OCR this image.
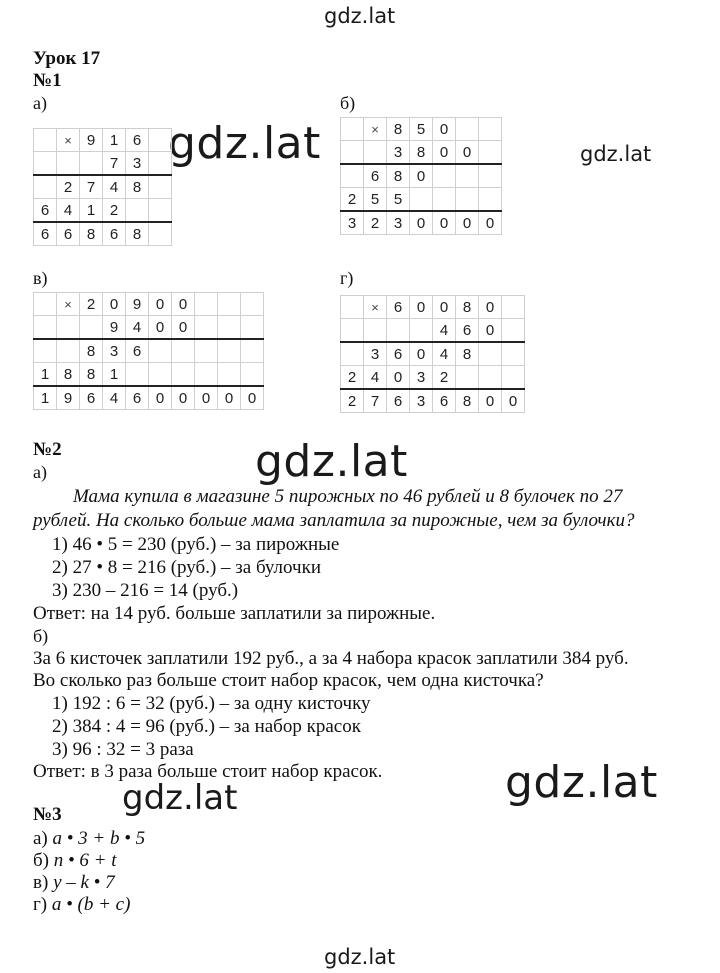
gdz.lat
gdz.lat	gdz.lat
gdz.lat
gdz.lat
gdz.lat
gdz.lat
Урок 17
№1
а)	б)
в)	г)
	×	9	1	6	
			7	3	
	2	7	4	8	
6	4	1	2		
6	6	8	6	8	
	×	8	5	0		
		3	8	0	0	
	6	8	0			
2	5	5				
3	2	3	0	0	0	0
	×	2	0	9	0	0			
			9	4	0	0			
		8	3	6					
1	8	8	1						
1	9	6	4	6	0	0	0	0	0
	×	6	0	0	8	0	
				4	6	0	
	3	6	0	4	8		
2	4	0	3	2			
2	7	6	3	6	8	0	0
№2
а)
Мама купила в магазине 5 пирожных по 46 рублей и 8 булочек по 27
рублей. На сколько больше мама заплатила за пирожные, чем за булочки?
1) 46 • 5 = 230 (руб.) – за пирожные
2) 27 • 8 = 216 (руб.) – за булочки
3) 230 – 216 = 14 (руб.)
Ответ: на 14 руб. больше заплатили за пирожные.
б)
За 6 кисточек заплатили 192 руб., а за 4 набора красок заплатили 384 руб.
Во сколько раз больше стоит набор красок, чем одна кисточка?
1) 192 : 6 = 32 (руб.) – за одну кисточку
2) 384 : 4 = 96 (руб.) – за набор красок
3) 96 : 32 = 3 раза
Ответ: в 3 раза больше стоит набор красок.
№3
а) a • 3 + b • 5
б) n • 6 + t
в) y – k • 7
г) a • (b + c)
